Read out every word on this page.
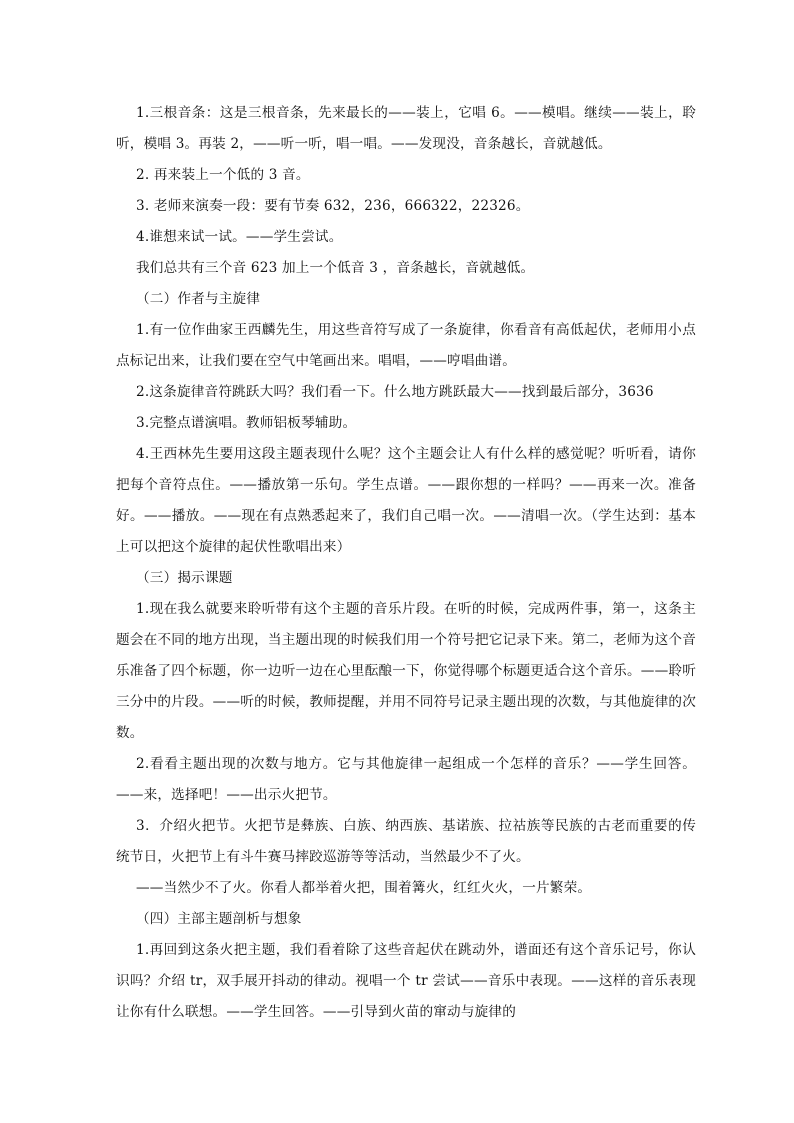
1.三根音条：这是三根音条，先来最长的——装上，它唱 6。——模唱。继续——装上，聆听，模唱 3。再装 2，——听一听，唱一唱。——发现没，音条越长，音就越低。

2. 再来装上一个低的 3 音。

3. 老师来演奏一段：要有节奏 632，236，666322，22326。

4.谁想来试一试。——学生尝试。

我们总共有三个音 623 加上一个低音 3 ，音条越长，音就越低。

（二）作者与主旋律

1.有一位作曲家王西麟先生，用这些音符写成了一条旋律，你看音有高低起伏，老师用小点点标记出来，让我们要在空气中笔画出来。唱唱，——哼唱曲谱。

2.这条旋律音符跳跃大吗？我们看一下。什么地方跳跃最大——找到最后部分，3636

3.完整点谱演唱。教师铝板琴辅助。

4.王西林先生要用这段主题表现什么呢？这个主题会让人有什么样的感觉呢？听听看，请你把每个音符点住。——播放第一乐句。学生点谱。——跟你想的一样吗？——再来一次。准备好。——播放。——现在有点熟悉起来了，我们自己唱一次。——清唱一次。（学生达到：基本上可以把这个旋律的起伏性歌唱出来）

（三）揭示课题

1.现在我么就要来聆听带有这个主题的音乐片段。在听的时候，完成两件事，第一，这条主题会在不同的地方出现，当主题出现的时候我们用一个符号把它记录下来。第二，老师为这个音乐准备了四个标题，你一边听一边在心里酝酿一下，你觉得哪个标题更适合这个音乐。——聆听三分中的片段。——听的时候，教师提醒，并用不同符号记录主题出现的次数，与其他旋律的次数。

2.看看主题出现的次数与地方。它与其他旋律一起组成一个怎样的音乐？——学生回答。——来，选择吧！——出示火把节。

3．介绍火把节。火把节是彝族、白族、纳西族、基诺族、拉祜族等民族的古老而重要的传统节日，火把节上有斗牛赛马摔跤巡游等等活动，当然最少不了火。

——当然少不了火。你看人都举着火把，围着篝火，红红火火，一片繁荣。

（四）主部主题剖析与想象

1.再回到这条火把主题，我们看着除了这些音起伏在跳动外，谱面还有这个音乐记号，你认识吗？介绍 tr，双手展开抖动的律动。视唱一个 tr 尝试——音乐中表现。——这样的音乐表现让你有什么联想。——学生回答。——引导到火苗的窜动与旋律的
